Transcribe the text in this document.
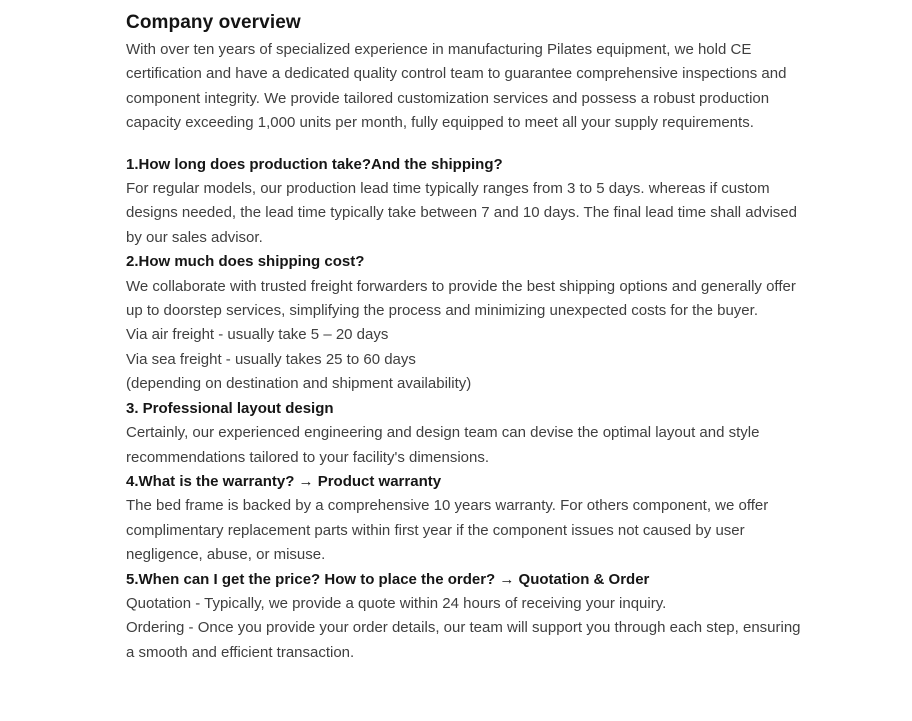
Company overview

With over ten years of specialized experience in manufacturing Pilates equipment, we hold CE certification and have a dedicated quality control team to guarantee comprehensive inspections and component integrity. We provide tailored customization services and possess a robust production capacity exceeding 1,000 units per month, fully equipped to meet all your supply requirements.

1.How long does production take?And the shipping?

For regular models, our production lead time typically ranges from 3 to 5 days. whereas if custom designs needed, the lead time typically take between 7 and 10 days. The final lead time shall advised by our sales advisor.

2.How much does shipping cost?

We collaborate with trusted freight forwarders to provide the best shipping options and generally offer up to doorstep services, simplifying the process and minimizing unexpected costs for the buyer.

Via air freight - usually take 5 – 20 days

Via sea freight - usually takes 25 to 60 days

(depending on destination and shipment availability)

3. Professional layout design

Certainly, our experienced engineering and design team can devise the optimal layout and style recommendations tailored to your facility's dimensions.

4.What is the warranty? → Product warranty

The bed frame is backed by a comprehensive 10 years warranty. For others component, we offer complimentary replacement parts within first year if the component issues not caused by user negligence, abuse, or misuse.

5.When can I get the price? How to place the order? → Quotation & Order

Quotation - Typically, we provide a quote within 24 hours of receiving your inquiry.

Ordering - Once you provide your order details, our team will support you through each step, ensuring a smooth and efficient transaction.
